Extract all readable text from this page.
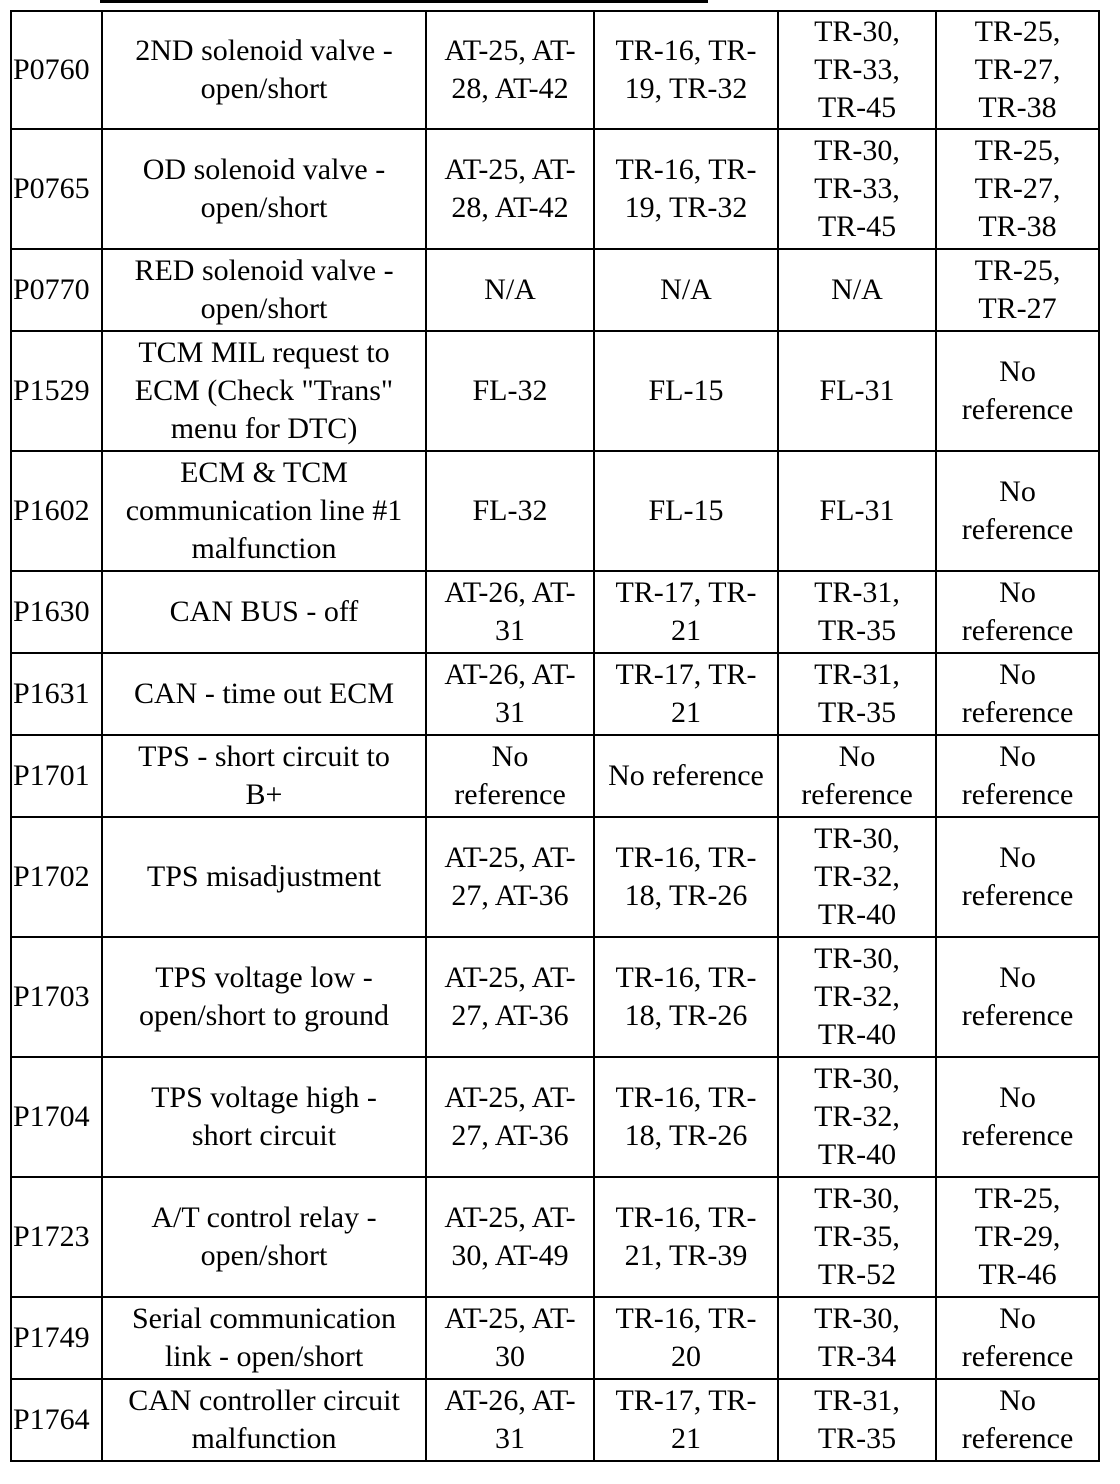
P0760	2ND solenoid valve -
open/short	AT-25, AT-
28, AT-42	TR-16, TR-
19, TR-32	TR-30,
TR-33,
TR-45	TR-25,
TR-27,
TR-38

P0765	OD solenoid valve -
open/short	AT-25, AT-
28, AT-42	TR-16, TR-
19, TR-32	TR-30,
TR-33,
TR-45	TR-25,
TR-27,
TR-38

P0770	RED solenoid valve -
open/short	N/A	N/A	N/A	TR-25,
TR-27

P1529	TCM MIL request to
ECM (Check "Trans"
menu for DTC)	FL-32	FL-15	FL-31	No
reference

P1602	ECM & TCM
communication line #1
malfunction	FL-32	FL-15	FL-31	No
reference

P1630	CAN BUS - off	AT-26, AT-
31	TR-17, TR-
21	TR-31,
TR-35	No
reference

P1631	CAN - time out ECM	AT-26, AT-
31	TR-17, TR-
21	TR-31,
TR-35	No
reference

P1701	TPS - short circuit to
B+	No
reference	No reference	No
reference	No
reference

P1702	TPS misadjustment	AT-25, AT-
27, AT-36	TR-16, TR-
18, TR-26	TR-30,
TR-32,
TR-40	No
reference

P1703	TPS voltage low -
open/short to ground	AT-25, AT-
27, AT-36	TR-16, TR-
18, TR-26	TR-30,
TR-32,
TR-40	No
reference

P1704	TPS voltage high -
short circuit	AT-25, AT-
27, AT-36	TR-16, TR-
18, TR-26	TR-30,
TR-32,
TR-40	No
reference

P1723	A/T control relay -
open/short	AT-25, AT-
30, AT-49	TR-16, TR-
21, TR-39	TR-30,
TR-35,
TR-52	TR-25,
TR-29,
TR-46

P1749	Serial communication
link - open/short	AT-25, AT-
30	TR-16, TR-
20	TR-30,
TR-34	No
reference

P1764	CAN controller circuit
malfunction	AT-26, AT-
31	TR-17, TR-
21	TR-31,
TR-35	No
reference
